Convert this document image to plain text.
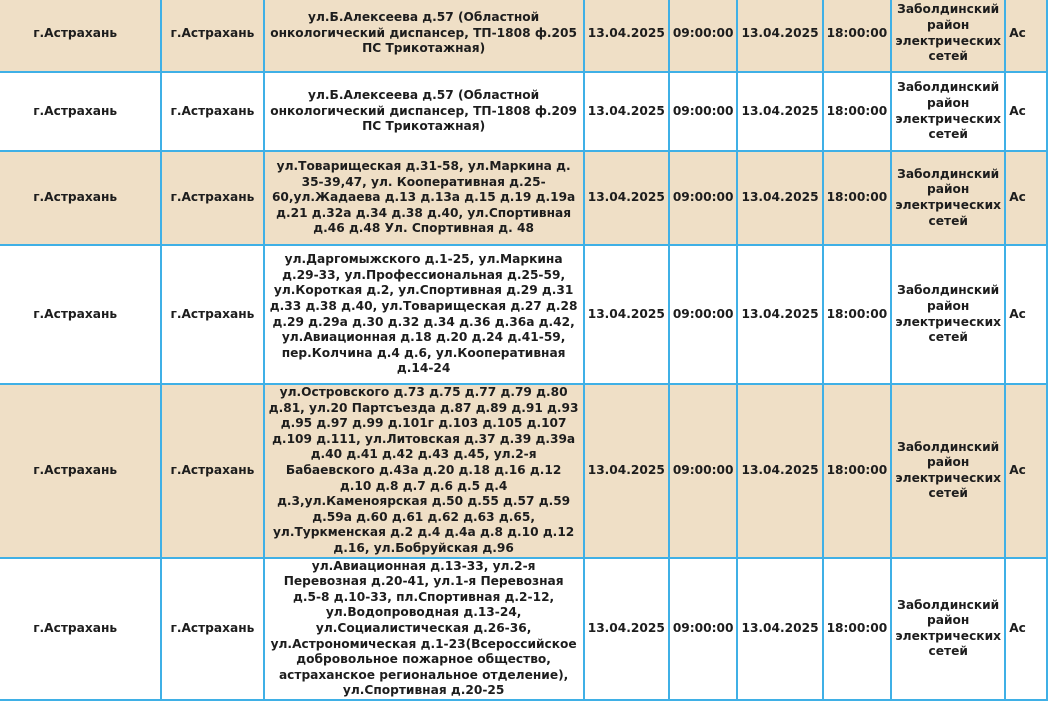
г.Астрахань	г.Астрахань	ул.Б.Алексеева д.57 (Областной онкологический диспансер, ТП-1808 ф.205 ПС Трикотажная)	13.04.2025	09:00:00	13.04.2025	18:00:00	Заболдинский район электрических сетей	Ас
г.Астрахань	г.Астрахань	ул.Б.Алексеева д.57 (Областной онкологический диспансер, ТП-1808 ф.209 ПС Трикотажная)	13.04.2025	09:00:00	13.04.2025	18:00:00	Заболдинский район электрических сетей	Ас
г.Астрахань	г.Астрахань	ул.Товарищеская д.31-58, ул.Маркина д. 35-39,47, ул. Кооперативная д.25-60,ул.Жадаева д.13 д.13а д.15 д.19 д.19а д.21 д.32а д.34 д.38 д.40, ул.Спортивная д.46 д.48 Ул. Спортивная д. 48	13.04.2025	09:00:00	13.04.2025	18:00:00	Заболдинский район электрических сетей	Ас
г.Астрахань	г.Астрахань	ул.Даргомыжского д.1-25, ул.Маркина д.29-33, ул.Профессиональная д.25-59, ул.Короткая д.2, ул.Спортивная д.29 д.31 д.33 д.38 д.40, ул.Товарищеская д.27 д.28 д.29 д.29а д.30 д.32 д.34 д.36 д.36а д.42, ул.Авиационная д.18 д.20 д.24 д.41-59, пер.Колчина д.4 д.6, ул.Кооперативная д.14-24	13.04.2025	09:00:00	13.04.2025	18:00:00	Заболдинский район электрических сетей	Ас
г.Астрахань	г.Астрахань	ул.Островского д.73 д.75 д.77 д.79 д.80 д.81, ул.20 Партсъезда д.87 д.89 д.91 д.93 д.95 д.97 д.99 д.101г д.103 д.105 д.107 д.109 д.111, ул.Литовская д.37 д.39 д.39а д.40 д.41 д.42 д.43 д.45, ул.2-я Бабаевского д.43а д.20 д.18 д.16 д.12 д.10 д.8 д.7 д.6 д.5 д.4 д.3,ул.Каменоярская д.50 д.55 д.57 д.59 д.59а д.60 д.61 д.62 д.63 д.65, ул.Туркменская д.2 д.4 д.4а д.8 д.10 д.12 д.16, ул.Бобруйская д.96	13.04.2025	09:00:00	13.04.2025	18:00:00	Заболдинский район электрических сетей	Ас
г.Астрахань	г.Астрахань	ул.Авиационная д.13-33, ул.2-я Перевозная д.20-41, ул.1-я Перевозная д.5-8 д.10-33, пл.Спортивная д.2-12, ул.Водопроводная д.13-24, ул.Социалистическая д.26-36, ул.Астрономическая д.1-23(Всероссийское добровольное пожарное общество, астраханское региональное отделение), ул.Спортивная д.20-25	13.04.2025	09:00:00	13.04.2025	18:00:00	Заболдинский район электрических сетей	Ас
